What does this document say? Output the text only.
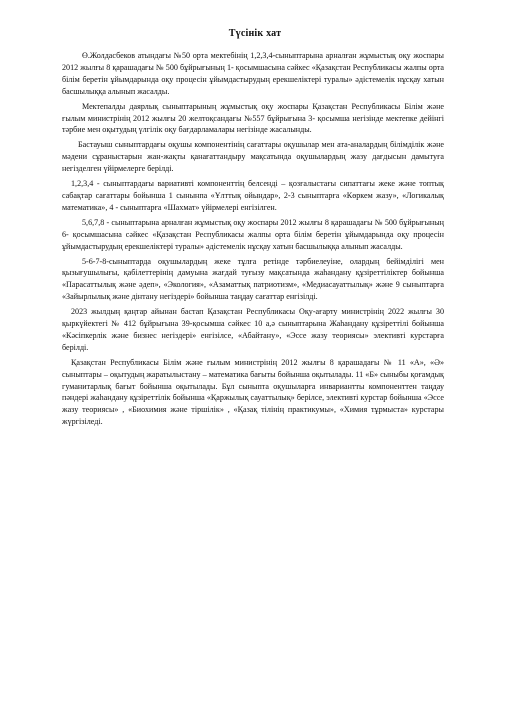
Түсінік хат

Ө.Жолдасбеков атындағы №50 орта мектебінің 1,2,3,4-сыныптарына арналған жұмыстық оқу жоспары 2012 жылғы 8 қарашадағы № 500 бұйрығының 1- қосымшасына сәйкес «Қазақстан Республикасы жалпы орта білім беретін ұйымдарында оқу процесін ұйымдастырудың ерекшеліктері туралы» әдістемелік нұсқау хатын басшылыққа алынып жасалды.

Мектепалды даярлық сыныптарының жұмыстық оқу жоспары Қазақстан Республикасы Білім және ғылым министрінің 2012 жылғы 20 желтоқсандағы №557 бұйрығына 3- қосымша негізінде мектепке дейінгі тәрбие мен оқытудың үлгілік оқу бағдарламалары негізінде жасалынды.

Бастауыш сыныптардағы оқушы компонентінің сағаттары оқушылар мен ата-аналардың білімділік және мәдени сұраныстарын жан-жақты қанағаттандыру мақсатында оқушылардың жазу дағдысын дамытуға негізделген үйірмелерге берілді.

1,2,3,4 - сыныптардағы вариативті компоненттің белсенді – қозғалыстағы сипаттағы жеке және топтық сабақтар сағаттары бойынша 1 сынынпа «Ұлттық ойындар», 2-3 сыныптарға «Көркем жазу», «Логикалық математика», 4 - сыныптарға «Шахмат» үйірмелері енгізілген.

5,6,7,8 - сыныптарына арналған жұмыстық оқу жоспары 2012 жылғы 8 қарашадағы № 500 бұйрығының 6- қосымшасына сәйкес «Қазақстан Республикасы жалпы орта білім беретін ұйымдарында оқу процесін ұйымдастырудың ерекшеліктері туралы» әдістемелік нұсқау хатын басшылыққа алынып жасалды.

5-6-7-8-сыныптарда оқушылардың жеке тұлға ретінде тәрбиелеуіне, олардың бейімділігі мен қызығушылығы, қабілеттерінің дамуына жағдай туғызу мақсатында жаһандану құзіреттіліктер бойынша «Парасаттылық және әдеп», «Экология», «Азаматтық патриотизм», «Медиасауаттылық» және 9 сыныптарға «Зайырлылық және дінтану негіздері» бойынша таңдау сағаттар енгізілді.

2023 жылдың қаңтар айынан бастап Қазақстан Республикасы Оқу-ағарту министрінің 2022 жылғы 30 қыркүйектегі № 412 бұйрығына 39-қосымша сәйкес 10 а,ә сыныптарына Жаһандану құзіреттілі бойынша «Кәсіпкерлік және бизнес негіздері» енгізілсе, «Абайтану», «Эссе жазу теориясы» элективті курстарға берілді.

Қазақстан Республикасы Білім және ғылым министрінің 2012 жылғы 8 қарашадағы № 11 «А», «Ә» сыныптары – оқытудың жаратылыстану – математика бағыты бойынша оқытылады. 11 «Б» сыныбы қоғамдық гуманитарлық бағыт бойынша оқытылады. Бұл сыныпта оқушыларға инвариантты компоненттен таңдау пәндері жаһандану құзіреттілік бойынша «Қаржылық сауаттылық» берілсе, элективті курстар бойынша «Эссе жазу теориясы» , «Биохимия және тіршілік» , «Қазақ тілінің практикумы», «Химия тұрмыста» курстары жүргізіледі.
